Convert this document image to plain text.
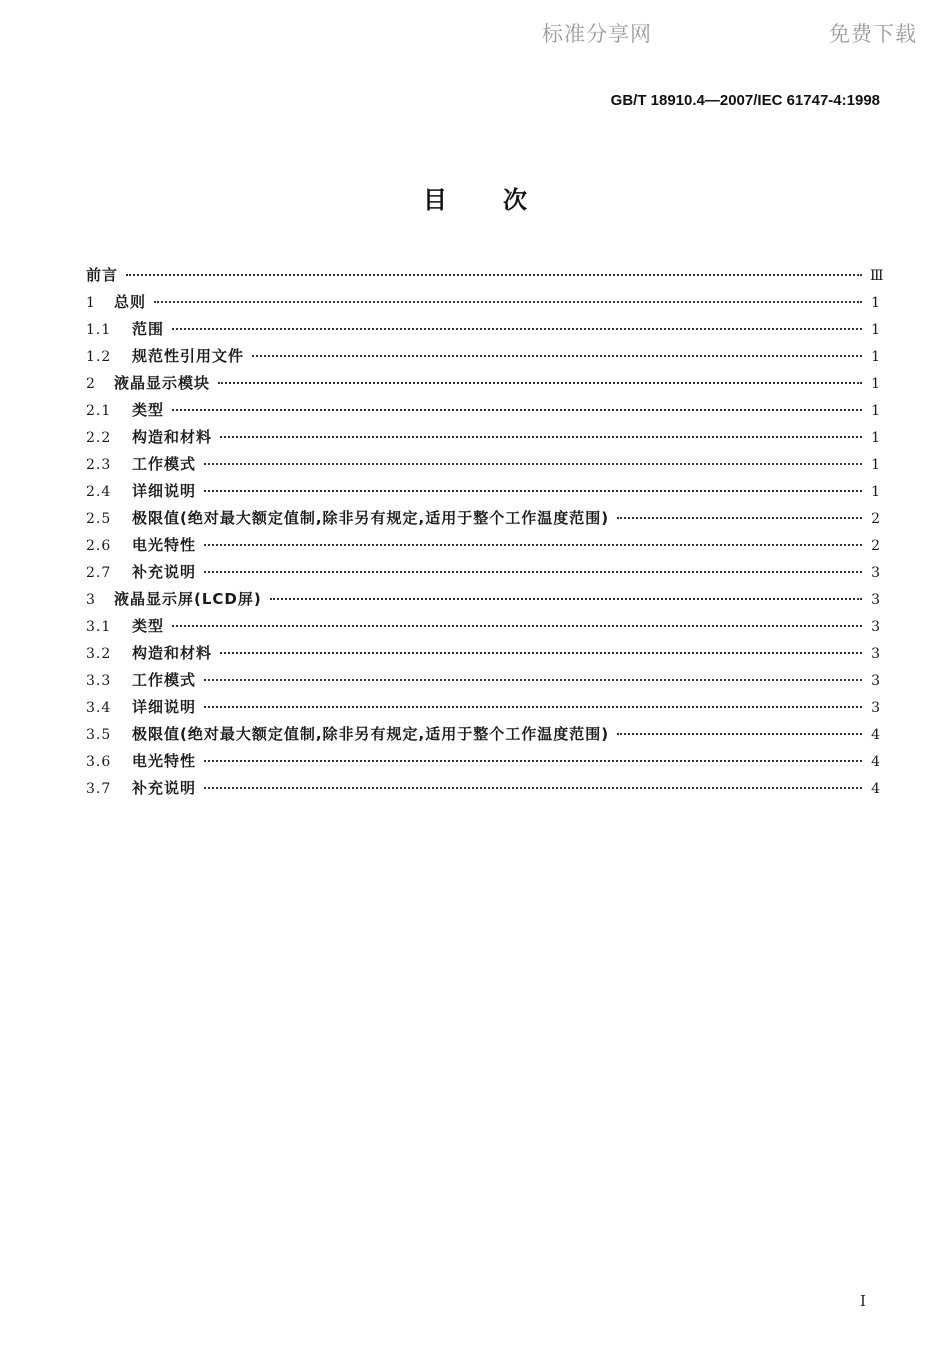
标准分享网	免费下载
GB/T 18910.4—2007/IEC 61747-4:1998
目次
前言	Ⅲ
1	总则	1
1.1	范围	1
1.2	规范性引用文件	1
2	液晶显示模块	1
2.1	类型	1
2.2	构造和材料	1
2.3	工作模式	1
2.4	详细说明	1
2.5	极限值(绝对最大额定值制,除非另有规定,适用于整个工作温度范围)	2
2.6	电光特性	2
2.7	补充说明	3
3	液晶显示屏(LCD屏)	3
3.1	类型	3
3.2	构造和材料	3
3.3	工作模式	3
3.4	详细说明	3
3.5	极限值(绝对最大额定值制,除非另有规定,适用于整个工作温度范围)	4
3.6	电光特性	4
3.7	补充说明	4
I
